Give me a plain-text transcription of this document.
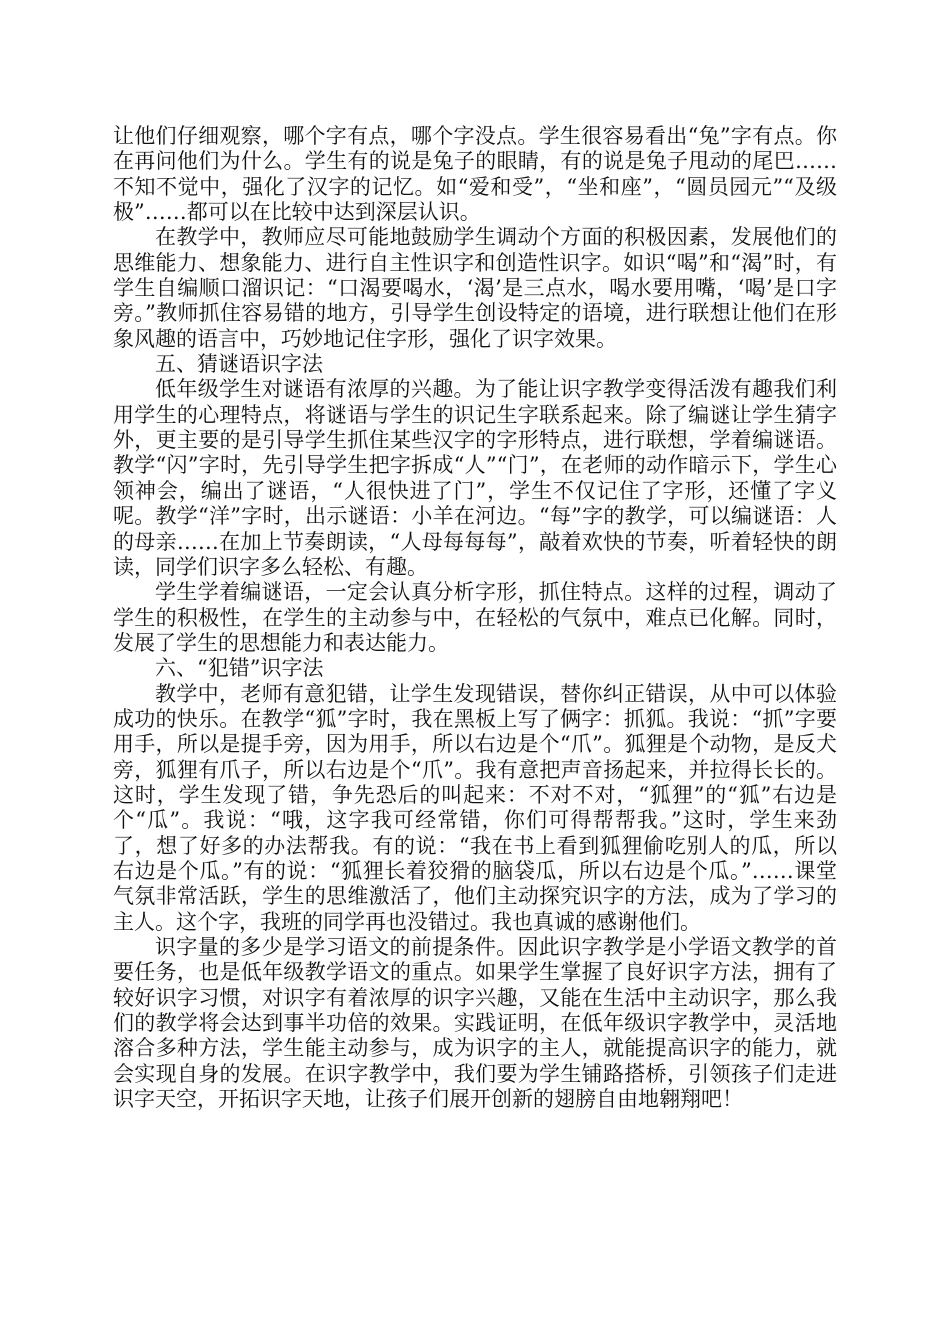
让他们仔细观察，哪个字有点，哪个字没点。学生很容易看出“兔”字有点。你在再问他们为什么。学生有的说是兔子的眼睛，有的说是兔子甩动的尾巴……不知不觉中，强化了汉字的记忆。如“爱和受”，“坐和座”，“圆员园元”“及级极”……都可以在比较中达到深层认识。

在教学中，教师应尽可能地鼓励学生调动个方面的积极因素，发展他们的思维能力、想象能力、进行自主性识字和创造性识字。如识“喝”和“渴”时，有学生自编顺口溜识记：“口渴要喝水，‘渴’是三点水，喝水要用嘴，‘喝’是口字旁。”教师抓住容易错的地方，引导学生创设特定的语境，进行联想让他们在形象风趣的语言中，巧妙地记住字形，强化了识字效果。

五、猜谜语识字法

低年级学生对谜语有浓厚的兴趣。为了能让识字教学变得活泼有趣我们利用学生的心理特点，将谜语与学生的识记生字联系起来。除了编谜让学生猜字外，更主要的是引导学生抓住某些汉字的字形特点，进行联想，学着编谜语。教学“闪”字时，先引导学生把字拆成“人”“门”，在老师的动作暗示下，学生心领神会，编出了谜语，“人很快进了门”，学生不仅记住了字形，还懂了字义呢。教学“洋”字时，出示谜语：小羊在河边。“每”字的教学，可以编谜语：人的母亲……在加上节奏朗读，“人母每每每”，敲着欢快的节奏，听着轻快的朗读，同学们识字多么轻松、有趣。

学生学着编谜语，一定会认真分析字形，抓住特点。这样的过程，调动了学生的积极性，在学生的主动参与中，在轻松的气氛中，难点已化解。同时，发展了学生的思想能力和表达能力。

六、“犯错”识字法

教学中，老师有意犯错，让学生发现错误，替你纠正错误，从中可以体验成功的快乐。在教学“狐”字时，我在黑板上写了俩字：抓狐。我说：“抓”字要用手，所以是提手旁，因为用手，所以右边是个“爪”。狐狸是个动物，是反犬旁，狐狸有爪子，所以右边是个“爪”。我有意把声音扬起来，并拉得长长的。这时，学生发现了错，争先恐后的叫起来：不对不对，“狐狸”的“狐”右边是个“瓜”。我说：“哦，这字我可经常错，你们可得帮帮我。”这时，学生来劲了，想了好多的办法帮我。有的说：“我在书上看到狐狸偷吃别人的瓜，所以右边是个瓜。”有的说：“狐狸长着狡猾的脑袋瓜，所以右边是个瓜。”……课堂气氛非常活跃，学生的思维激活了，他们主动探究识字的方法，成为了学习的主人。这个字，我班的同学再也没错过。我也真诚的感谢他们。

识字量的多少是学习语文的前提条件。因此识字教学是小学语文教学的首要任务，也是低年级教学语文的重点。如果学生掌握了良好识字方法，拥有了较好识字习惯，对识字有着浓厚的识字兴趣，又能在生活中主动识字，那么我们的教学将会达到事半功倍的效果。实践证明，在低年级识字教学中，灵活地溶合多种方法，学生能主动参与，成为识字的主人，就能提高识字的能力，就会实现自身的发展。在识字教学中，我们要为学生铺路搭桥，引领孩子们走进识字天空，开拓识字天地，让孩子们展开创新的翅膀自由地翱翔吧！
